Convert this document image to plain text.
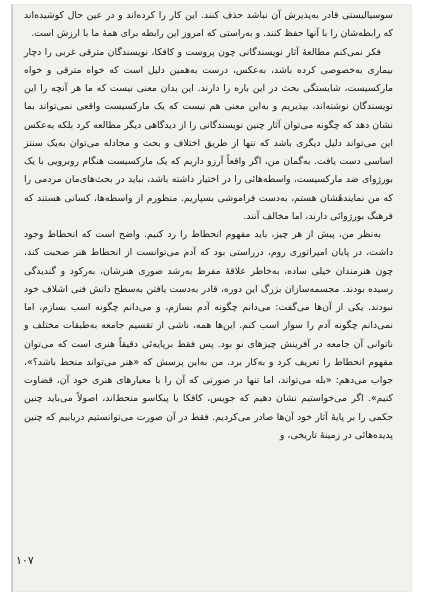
سوسیالیستی قادر به‌پذیرش آن نباشد حذف کنند. این کار را کرده‌اند و در عین حال کوشیده‌اند که رابطه‌شان را با آنها حفظ کنند. و به‌راستی که امروز این رابطه برای همهٔ ما با ارزش است.

فکر نمی‌کنم مطالعهٔ آثار نویسندگانی چون پروست و کافکا، نویسندگان مترقی غربی را دچار بیماری به‌خصوصی کرده باشد، به‌عکس، درست به‌همین دلیل است که خواه مترقی و خواه مارکسیست، شایستگی بحث در این باره را دارند. این بدان معنی نیست که ما هر آنچه را این نویسندگان نوشته‌اند، بپذیریم و به‌این معنی هم نیست که یک مارکسیست واقعی نمی‌تواند بما نشان دهد که چگونه می‌توان آثار چنین نویسندگانی را از دیدگاهی دیگر مطالعه کرد بلکه به‌عکس این می‌تواند دلیل دیگری باشد که تنها از طریق اختلاف و بحث و مجادله می‌توان به‌یک سنتز اساسی دست یافت. به‌گمان من، اگر واقعاً آرزو داریم که یک مارکسیست هنگام روبرویی با یک بورژوای ضد مارکسیست، واسطه‌هائی را در اختیار داشته باشد، نباید در بحث‌های‌مان مردمی را که من نمایندهٔشان هستم، به‌دست فراموشی بسپاریم. منظورم از واسطه‌ها، کسانی هستند که فرهنگ بورژوائی دارند، اما مخالف آنند.

به‌نظر من، پیش از هر چیز، باید مفهوم انحطاط را رد کنیم. واضح است که انحطاط وجود داشت، در پایان امپراتوری روم، درراستی بود که آدم می‌توانست از انحطاط هنر صحبت کند، چون هنرمندان خیلی ساده، به‌خاطر علاقهٔ مفرط به‌رشد صوری هنرشان، به‌رکود و گندیدگی رسیده بودند. مجسمه‌سازان بزرگ این دوره، قادر به‌دست یافتن به‌سطح دانش فنی اشلاف خود نبودند. یکی از آن‌ها می‌گفت: می‌دانم چگونه آدم بسازم، و می‌دانم چگونه اسب بسازم، اما نمی‌دانم چگونه آدم را سوار اسب کنم. این‌ها همه، ناشی از تقسیم جامعه به‌طبقات مختلف و ناتوانی آن جامعه در آفرینش چیزهای نو بود. پس فقط برپایه‌ئی دقیقاً هنری است که می‌توان مفهوم انحطاط را تعریف کرد و به‌کار برد. من به‌این پرسش که «هنر می‌تواند منحط باشد؟»، جواب می‌دهم: «بله می‌تواند، اما تنها در صورتی که آن را با معیارهای هنری خود آن، قضاوت کنیم». اگر می‌خواستیم نشان دهیم که جویس، کافکا یا پیکاسو منحط‌اند، اصولاً می‌باید چنین حکمی را بر پایهٔ آثار خود آن‌ها صادر می‌کردیم. فقط در آن صورت می‌توانستیم دریابیم که چنین پدیده‌هائی در زمینهٔ تاریخی، و

۱۰۷
